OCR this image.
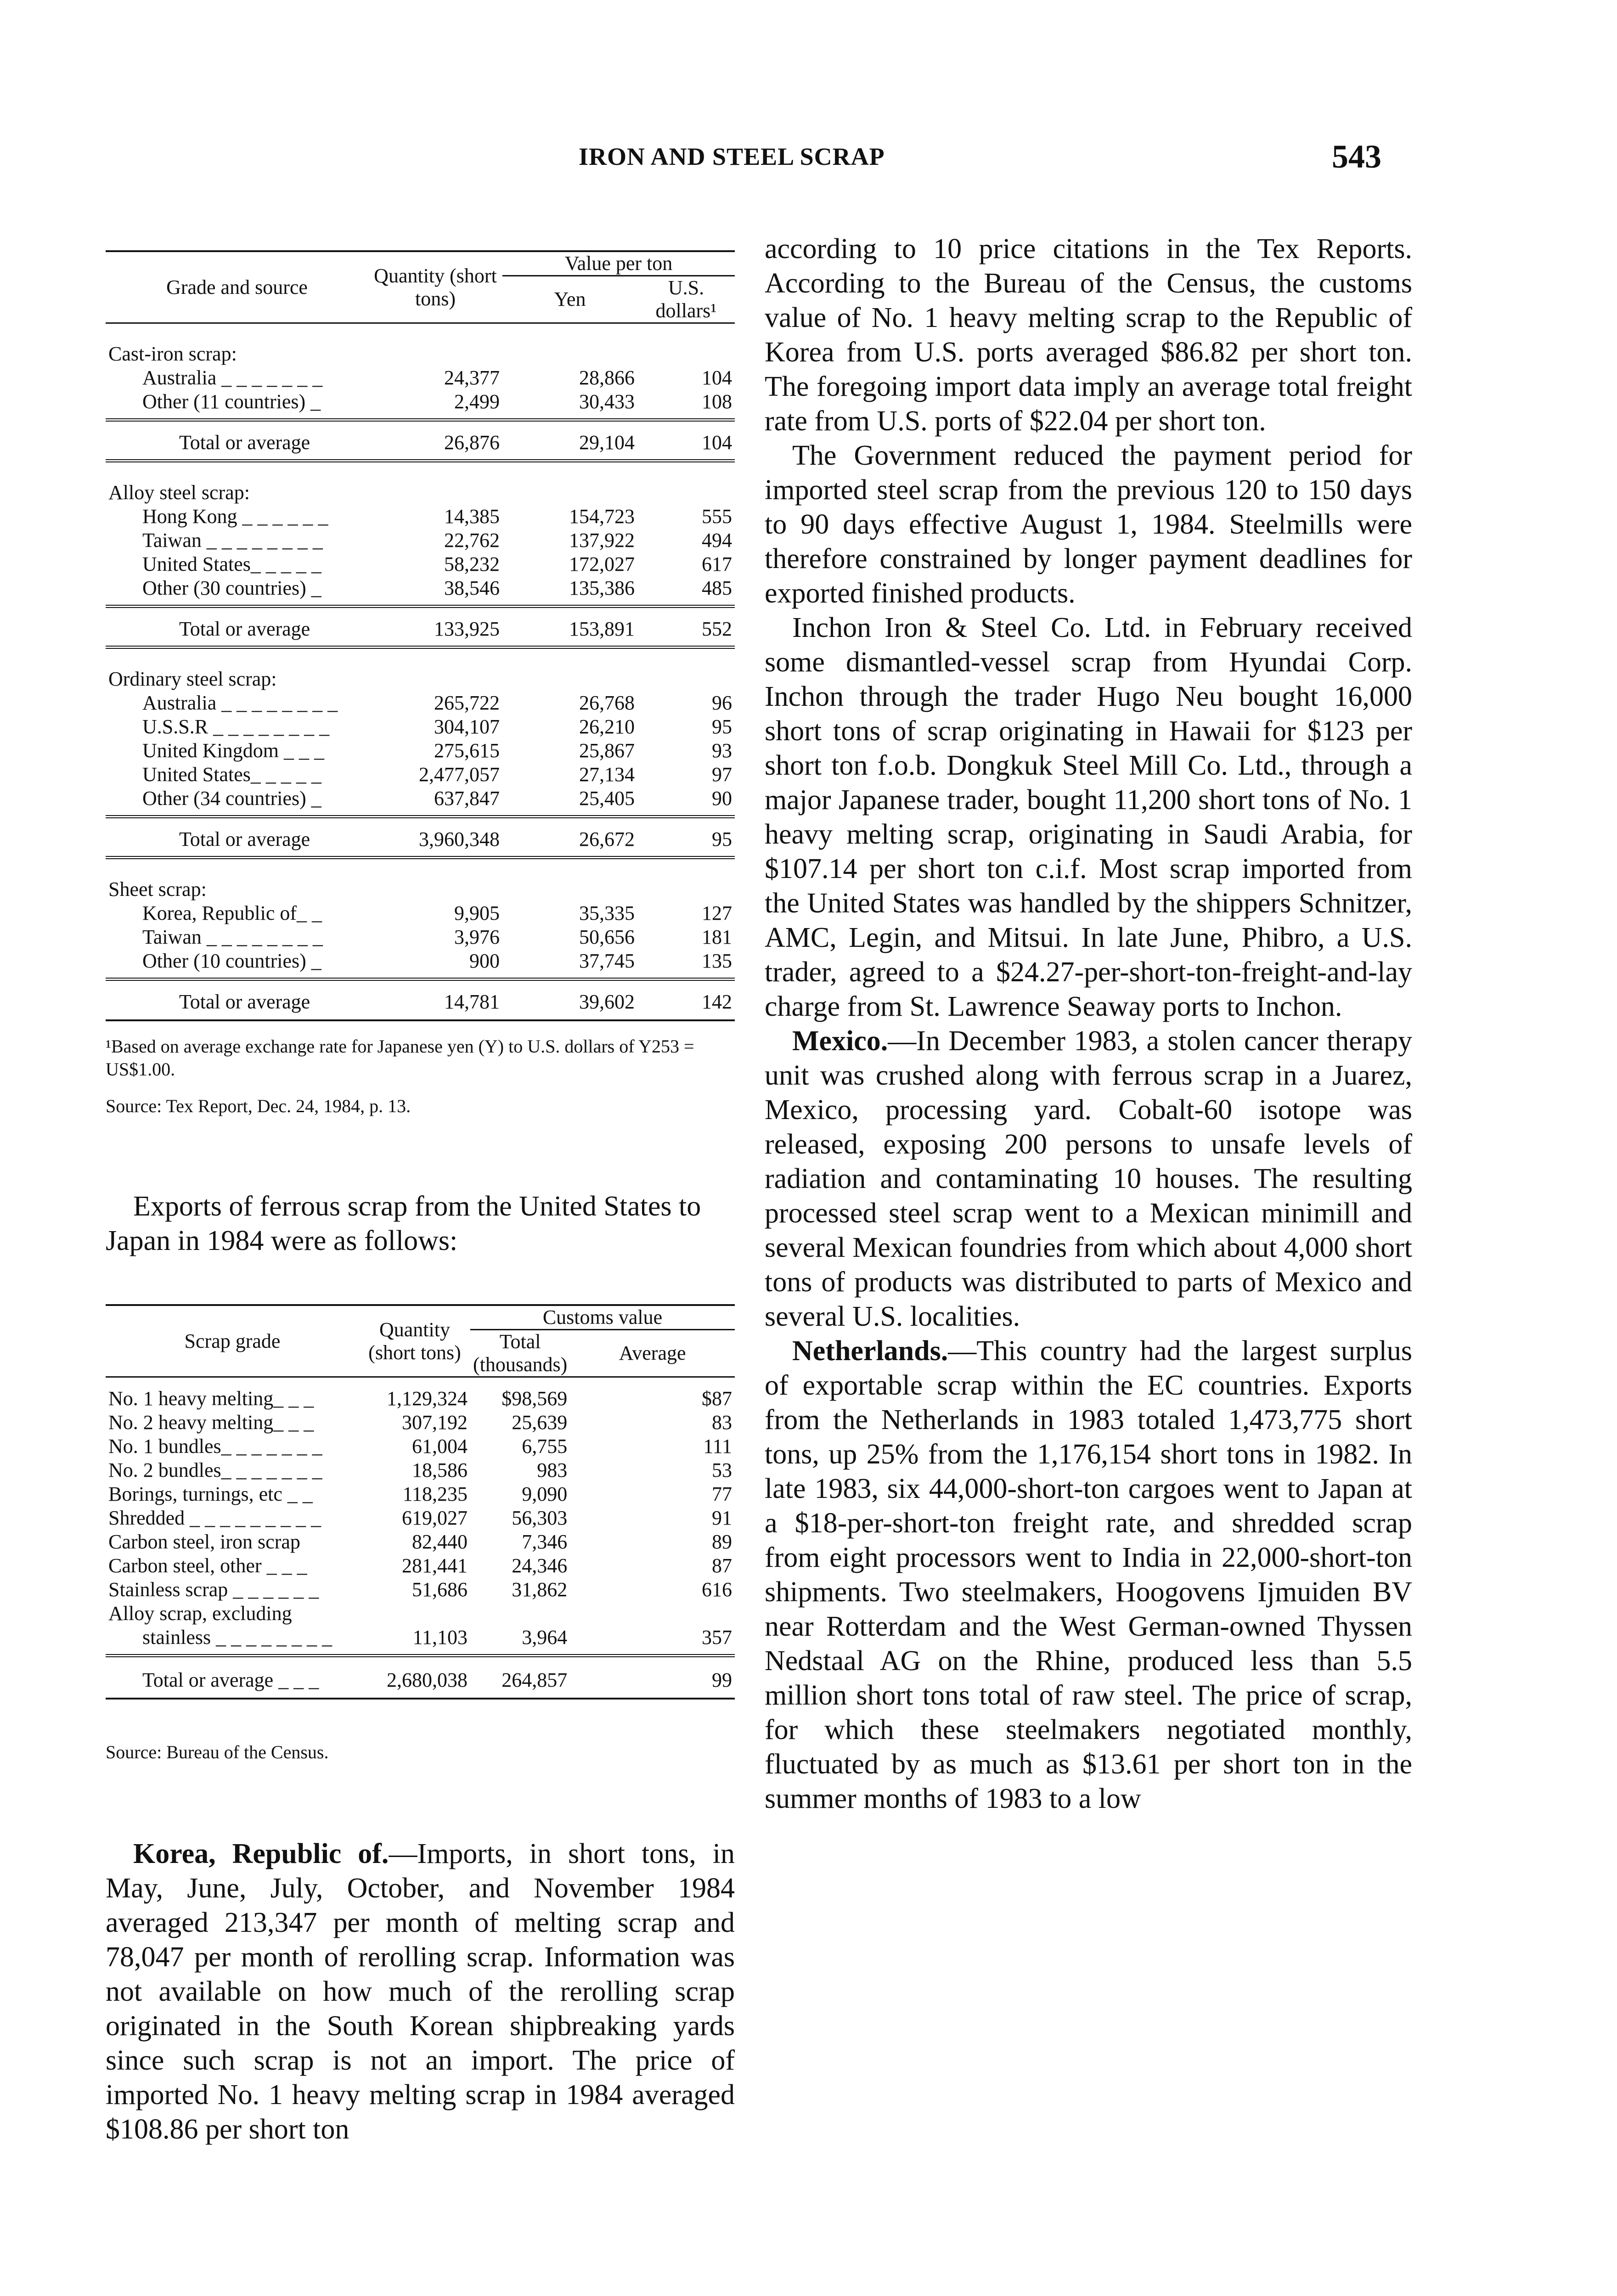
IRON AND STEEL SCRAP	543
Grade and source	Quantity (short tons)	Value per ton	
		Yen	U.S. dollars¹
Cast-iron scrap:			
Australia _ _ _ _ _ _ _	24,377	28,866	104
Other (11 countries) _	2,499	30,433	108
Total or average	26,876	29,104	104
Alloy steel scrap:			
Hong Kong _ _ _ _ _ _	14,385	154,723	555
Taiwan _ _ _ _ _ _ _ _	22,762	137,922	494
United States_ _ _ _ _	58,232	172,027	617
Other (30 countries) _	38,546	135,386	485
Total or average	133,925	153,891	552
Ordinary steel scrap:			
Australia _ _ _ _ _ _ _ _	265,722	26,768	96
U.S.S.R _ _ _ _ _ _ _ _	304,107	26,210	95
United Kingdom _ _ _	275,615	25,867	93
United States_ _ _ _ _	2,477,057	27,134	97
Other (34 countries) _	637,847	25,405	90
Total or average	3,960,348	26,672	95
Sheet scrap:			
Korea, Republic of_ _	9,905	35,335	127
Taiwan _ _ _ _ _ _ _ _	3,976	50,656	181
Other (10 countries) _	900	37,745	135
Total or average	14,781	39,602	142
¹Based on average exchange rate for Japanese yen (Y) to U.S. dollars of Y253 = US$1.00.
Source: Tex Report, Dec. 24, 1984, p. 13.

Exports of ferrous scrap from the United States to Japan in 1984 were as follows:

Scrap grade	Quantity (short tons)	Customs value	
		Total (thousands)	Average
No. 1 heavy melting_ _ _	1,129,324	$98,569	$87
No. 2 heavy melting_ _ _	307,192	25,639	83
No. 1 bundles_ _ _ _ _ _ _	61,004	6,755	111
No. 2 bundles_ _ _ _ _ _ _	18,586	983	53
Borings, turnings, etc _ _	118,235	9,090	77
Shredded _ _ _ _ _ _ _ _ _	619,027	56,303	91
Carbon steel, iron scrap	82,440	7,346	89
Carbon steel, other _ _ _	281,441	24,346	87
Stainless scrap _ _ _ _ _ _	51,686	31,862	616
Alloy scrap, excluding			
stainless _ _ _ _ _ _ _ _	11,103	3,964	357
Total or average _ _ _	2,680,038	264,857	99
Source: Bureau of the Census.

Korea, Republic of.—Imports, in short tons, in May, June, July, October, and November 1984 averaged 213,347 per month of melting scrap and 78,047 per month of rerolling scrap. Information was not available on how much of the rerolling scrap originated in the South Korean shipbreaking yards since such scrap is not an import. The price of imported No. 1 heavy melting scrap in 1984 averaged $108.86 per short ton

according to 10 price citations in the Tex Reports. According to the Bureau of the Census, the customs value of No. 1 heavy melting scrap to the Republic of Korea from U.S. ports averaged $86.82 per short ton. The foregoing import data imply an average total freight rate from U.S. ports of $22.04 per short ton.

The Government reduced the payment period for imported steel scrap from the previous 120 to 150 days to 90 days effective August 1, 1984. Steelmills were therefore constrained by longer payment deadlines for exported finished products.

Inchon Iron & Steel Co. Ltd. in February received some dismantled-vessel scrap from Hyundai Corp. Inchon through the trader Hugo Neu bought 16,000 short tons of scrap originating in Hawaii for $123 per short ton f.o.b. Dongkuk Steel Mill Co. Ltd., through a major Japanese trader, bought 11,200 short tons of No. 1 heavy melting scrap, originating in Saudi Arabia, for $107.14 per short ton c.i.f. Most scrap imported from the United States was handled by the shippers Schnitzer, AMC, Legin, and Mitsui. In late June, Phibro, a U.S. trader, agreed to a $24.27-per-short-ton-freight-and-lay charge from St. Lawrence Seaway ports to Inchon.

Mexico.—In December 1983, a stolen cancer therapy unit was crushed along with ferrous scrap in a Juarez, Mexico, processing yard. Cobalt-60 isotope was released, exposing 200 persons to unsafe levels of radiation and contaminating 10 houses. The resulting processed steel scrap went to a Mexican minimill and several Mexican foundries from which about 4,000 short tons of products was distributed to parts of Mexico and several U.S. localities.

Netherlands.—This country had the largest surplus of exportable scrap within the EC countries. Exports from the Netherlands in 1983 totaled 1,473,775 short tons, up 25% from the 1,176,154 short tons in 1982. In late 1983, six 44,000-short-ton cargoes went to Japan at a $18-per-short-ton freight rate, and shredded scrap from eight processors went to India in 22,000-short-ton shipments. Two steelmakers, Hoogovens Ijmuiden BV near Rotterdam and the West German-owned Thyssen Nedstaal AG on the Rhine, produced less than 5.5 million short tons total of raw steel. The price of scrap, for which these steelmakers negotiated monthly, fluctuated by as much as $13.61 per short ton in the summer months of 1983 to a low
